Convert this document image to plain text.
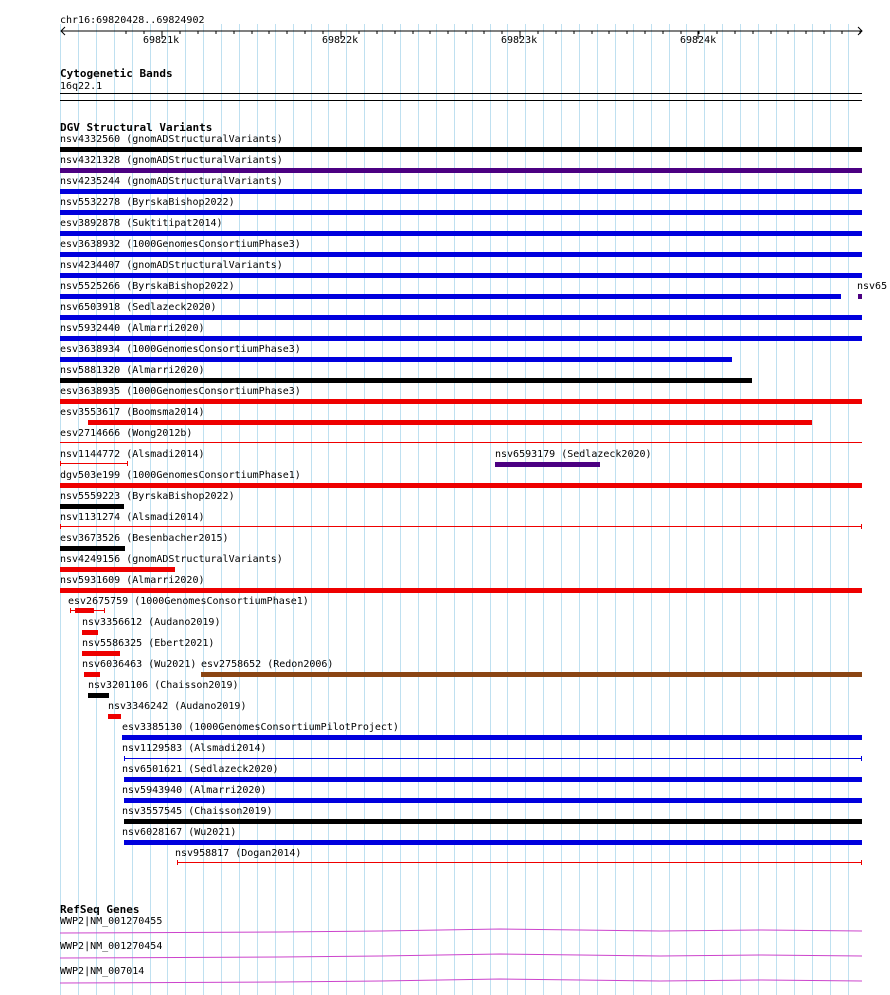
chr16:69820428..69824902
69821k	69822k	69823k	69824k
Cytogenetic Bands
16q22.1
DGV Structural Variants
nsv4332560 (gnomADStructuralVariants)
nsv4321328 (gnomADStructuralVariants)
nsv4235244 (gnomADStructuralVariants)
nsv5532278 (ByrskaBishop2022)
esv3892878 (Suktitipat2014)
esv3638932 (1000GenomesConsortiumPhase3)
nsv4234407 (gnomADStructuralVariants)
nsv5525266 (ByrskaBishop2022)	nsv65
nsv6503918 (Sedlazeck2020)
nsv5932440 (Almarri2020)
esv3638934 (1000GenomesConsortiumPhase3)
nsv5881320 (Almarri2020)
esv3638935 (1000GenomesConsortiumPhase3)
esv3553617 (Boomsma2014)
esv2714666 (Wong2012b)
nsv1144772 (Alsmadi2014)	nsv6593179 (Sedlazeck2020)
dgv503e199 (1000GenomesConsortiumPhase1)
nsv5559223 (ByrskaBishop2022)
nsv1131274 (Alsmadi2014)
esv3673526 (Besenbacher2015)
nsv4249156 (gnomADStructuralVariants)
nsv5931609 (Almarri2020)
esv2675759 (1000GenomesConsortiumPhase1)
nsv3356612 (Audano2019)
nsv5586325 (Ebert2021)
nsv6036463 (Wu2021) esv2758652 (Redon2006)
nsv3201106 (Chaisson2019)
nsv3346242 (Audano2019)
esv3385130 (1000GenomesConsortiumPilotProject)
nsv1129583 (Alsmadi2014)
nsv6501621 (Sedlazeck2020)
nsv5943940 (Almarri2020)
nsv3557545 (Chaisson2019)
nsv6028167 (Wu2021)
nsv958817 (Dogan2014)
RefSeq Genes
WWP2|NM_001270455
WWP2|NM_001270454
WWP2|NM_007014
